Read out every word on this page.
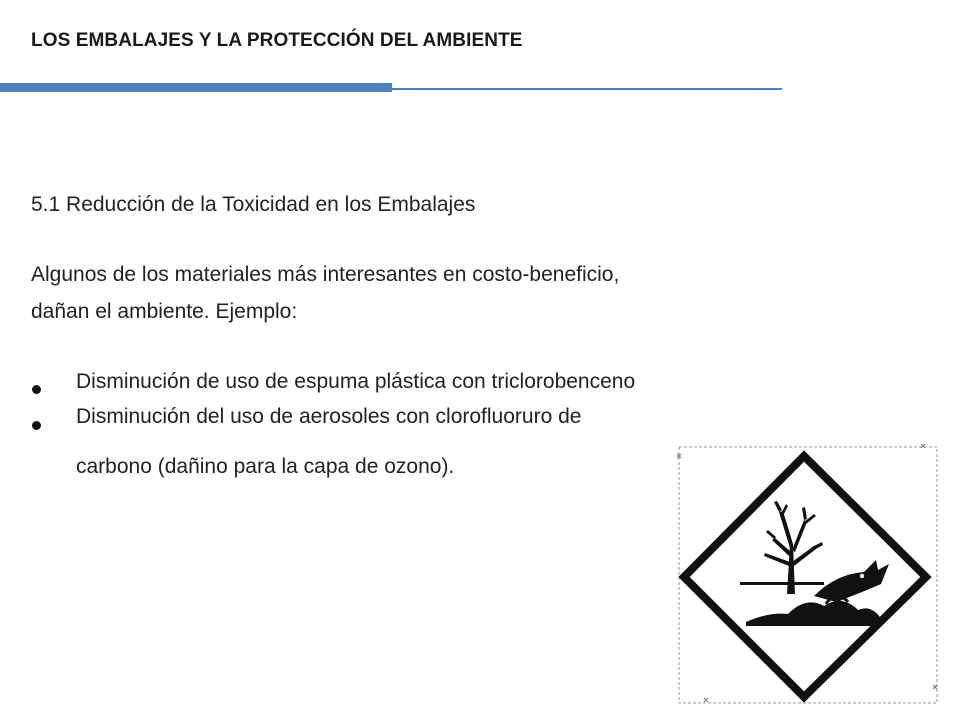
LOS EMBALAJES Y LA PROTECCIÓN DEL AMBIENTE
5.1 Reducción de la Toxicidad en los Embalajes
Algunos de los materiales más interesantes en costo-beneficio,
dañan el ambiente. Ejemplo:
Disminución de uso de espuma plástica con triclorobenceno
Disminución del uso de aerosoles con clorofluoruro de
carbono (dañino para la capa de ozono).
